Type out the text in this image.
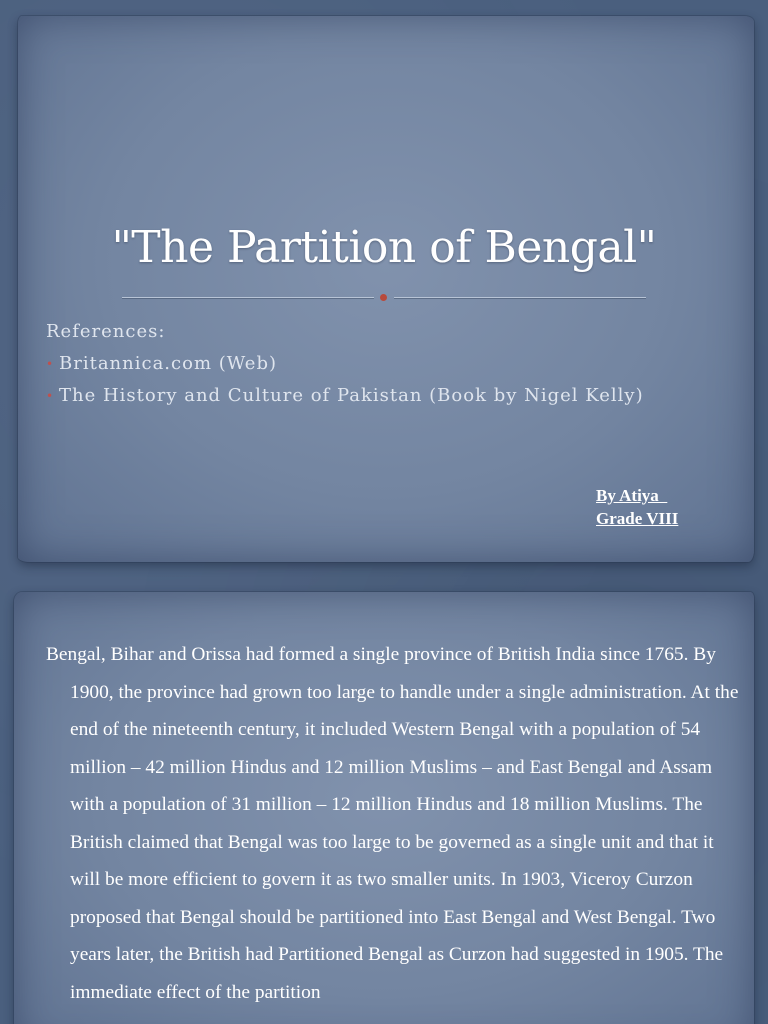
"The Partition of Bengal"

References:

• Britannica.com (Web)
• The History and Culture of Pakistan (Book by Nigel Kelly)
By Atiya
Grade VIII

Bengal, Bihar and Orissa had formed a single province of British India since 1765. By 1900, the province had grown too large to handle under a single administration. At the end of the nineteenth century, it included Western Bengal with a population of 54 million – 42 million Hindus and 12 million Muslims – and East Bengal and Assam with a population of 31 million – 12 million Hindus and 18 million Muslims. The British claimed that Bengal was too large to be governed as a single unit and that it will be more efficient to govern it as two smaller units. In 1903, Viceroy Curzon proposed that Bengal should be partitioned into East Bengal and West Bengal. Two years later, the British had Partitioned Bengal as Curzon had suggested in 1905. The immediate effect of the partition
